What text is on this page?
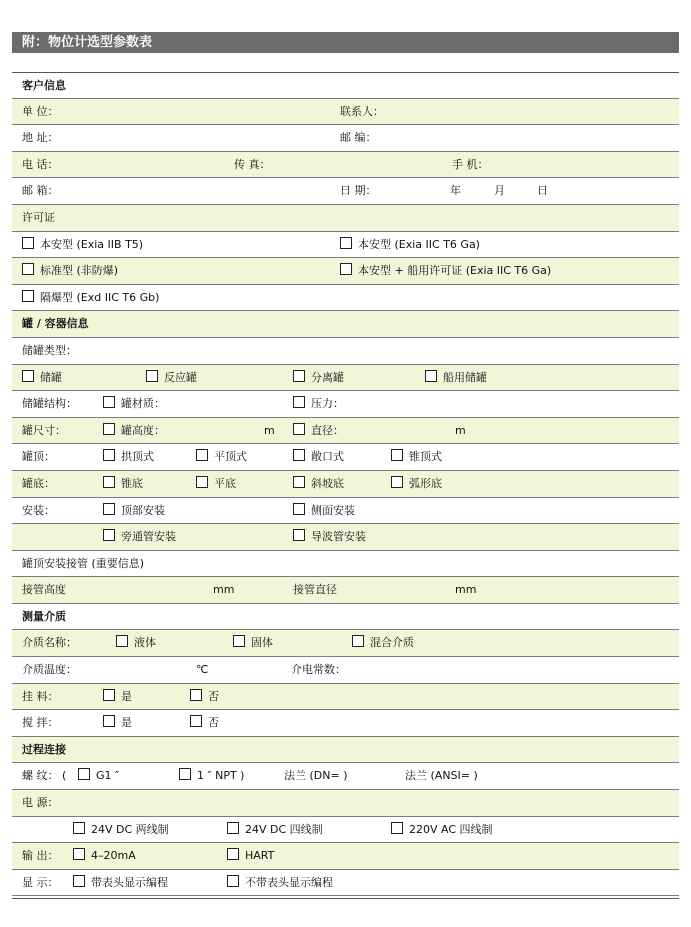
附：物位计选型参数表
客户信息
单 位：	联系人：
地 址：	邮 编：
电 话：	传 真：	手 机：
邮 箱：	日 期：	年	月	日
许可证
本安型 (Exia IIB T5)	本安型 (Exia IIC T6 Ga)
标准型 (非防爆)	本安型 + 船用许可证 (Exia IIC T6 Ga)
隔爆型 (Exd IIC T6 Gb)
罐 / 容器信息
储罐类型：
储罐	反应罐	分离罐	船用储罐
储罐结构：	罐材质：	压力：
罐尺寸：	罐高度：	m	直径：	m
罐顶：	拱顶式	平顶式	敞口式	锥顶式
罐底：	锥底	平底	斜坡底	弧形底
安装：	顶部安装	侧面安装
旁通管安装	导波管安装
罐顶安装接管 (重要信息)
接管高度	mm	接管直径	mm
测量介质
介质名称：	液体	固体	混合介质
介质温度：	℃	介电常数：
挂 料：	是	否
搅 拌：	是	否
过程连接
螺 纹： (	G1 ″	1 ″ NPT )	法兰 (DN= )	法兰 (ANSI= )
电 源：
24V DC 两线制	24V DC 四线制	220V AC 四线制
输 出：	4–20mA	HART
显 示：	带表头显示编程	不带表头显示编程
